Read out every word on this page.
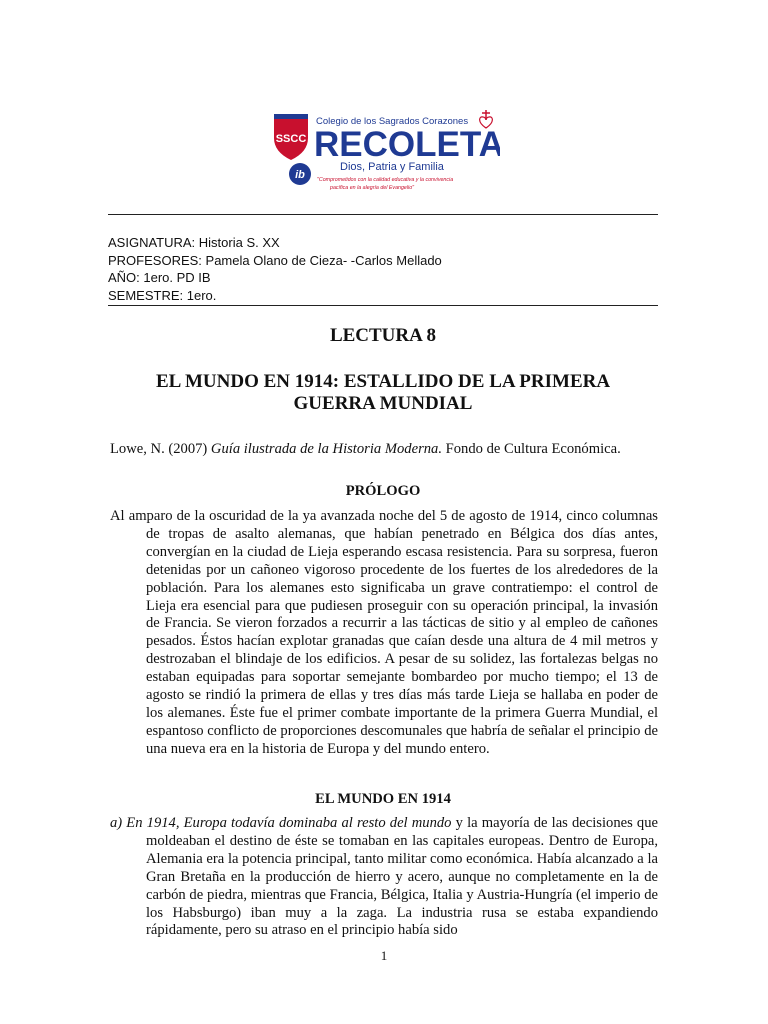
SSCC
Colegio de los Sagrados Corazones
RECOLETA
Dios, Patria y Familia
ib "Comprometidos con la calidad educativa y la convivencia
pacífica en la alegría del Evangelio"
ASIGNATURA: Historia S. XX
PROFESORES: Pamela Olano de Cieza- -Carlos Mellado
AÑO: 1ero. PD IB
SEMESTRE: 1ero.
LECTURA 8
EL MUNDO EN 1914: ESTALLIDO DE LA PRIMERA
GUERRA MUNDIAL
Lowe, N. (2007) Guía ilustrada de la Historia Moderna. Fondo de Cultura Económica.
PRÓLOGO

Al amparo de la oscuridad de la ya avanzada noche del 5 de agosto de 1914, cinco columnas de tropas de asalto alemanas, que habían penetrado en Bélgica dos días antes, convergían en la ciudad de Lieja esperando escasa resistencia. Para su sorpresa, fueron detenidas por un cañoneo vigoroso procedente de los fuertes de los alrededores de la población. Para los alemanes esto significaba un grave contratiempo: el control de Lieja era esencial para que pudiesen proseguir con su operación principal, la invasión de Francia. Se vieron forzados a recurrir a las tácticas de sitio y al empleo de cañones pesados. Éstos hacían explotar granadas que caían desde una altura de 4 mil metros y destrozaban el blindaje de los edificios. A pesar de su solidez, las fortalezas belgas no estaban equipadas para soportar semejante bombardeo por mucho tiempo; el 13 de agosto se rindió la primera de ellas y tres días más tarde Lieja se hallaba en poder de los alemanes. Éste fue el primer combate importante de la primera Guerra Mundial, el espantoso conflicto de proporciones descomunales que habría de señalar el principio de una nueva era en la historia de Europa y del mundo entero.

EL MUNDO EN 1914

a) En 1914, Europa todavía dominaba al resto del mundo y la mayoría de las decisiones que moldeaban el destino de éste se tomaban en las capitales europeas. Dentro de Europa, Alemania era la potencia principal, tanto militar como económica. Había alcanzado a la Gran Bretaña en la producción de hierro y acero, aunque no completamente en la de carbón de piedra, mientras que Francia, Bélgica, Italia y Austria-Hungría (el imperio de los Habsburgo) iban muy a la zaga. La industria rusa se estaba expandiendo rápidamente, pero su atraso en el principio había sido

1
